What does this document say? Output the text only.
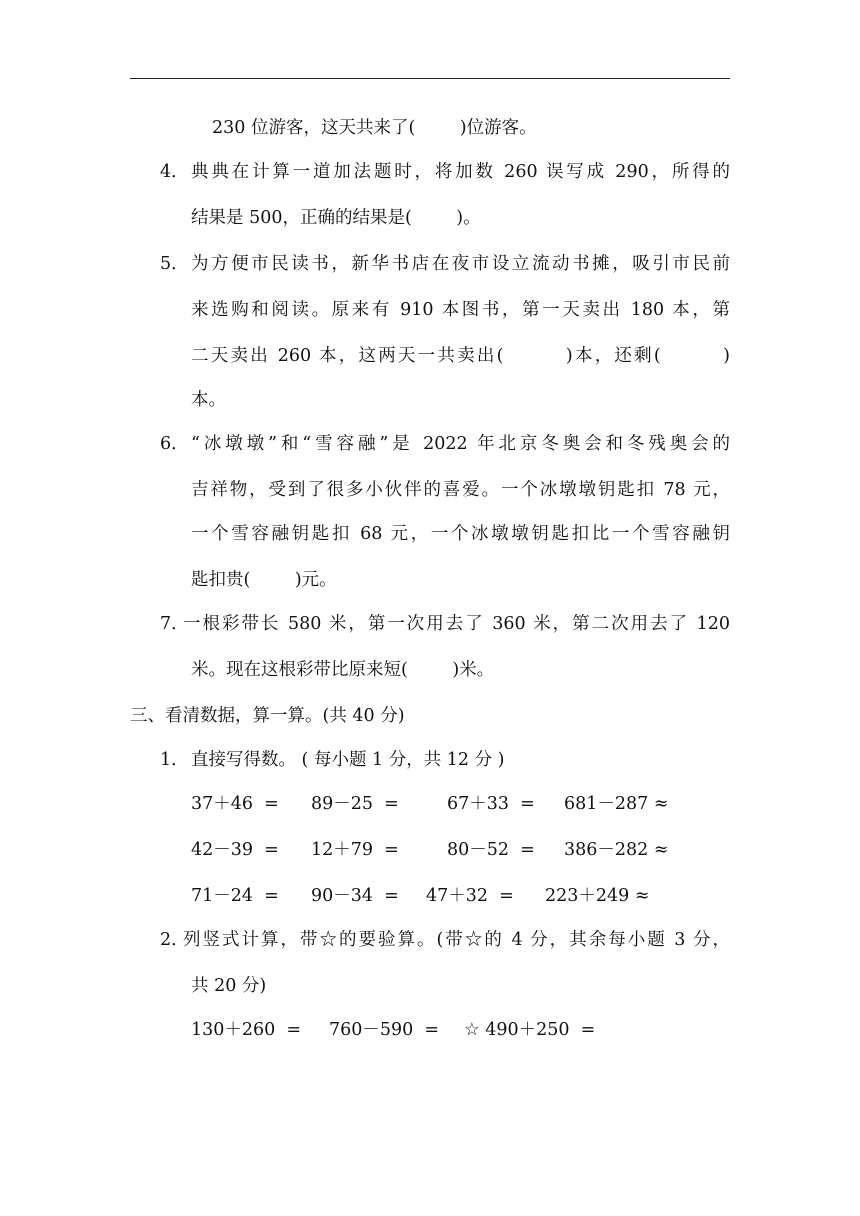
230 位游客，这天共来了(        )位游客。
4． 典典在计算一道加法题时，将加数 260 误写成 290，所得的
结果是 500，正确的结果是(        )。
5． 为方便市民读书，新华书店在夜市设立流动书摊，吸引市民前
来选购和阅读。原来有 910 本图书，第一天卖出 180 本，第
二天卖出 260 本，这两天一共卖出(        )本，还剩(        )
本。
6． “冰墩墩”和“雪容融”是 2022 年北京冬奥会和冬残奥会的
吉祥物，受到了很多小伙伴的喜爱。一个冰墩墩钥匙扣 78 元，
一个雪容融钥匙扣 68 元，一个冰墩墩钥匙扣比一个雪容融钥
匙扣贵(        )元。
7．
一根彩带长 580 米，第一次用去了 360 米，第二次用去了 120
米。现在这根彩带比原来短(        )米。
三、看清数据，算一算。(共 40 分)
1． 直接写得数。 ( 每小题 1 分，共 12 分 )
37＋46  = 89－25  =	67＋33  = 681－287 ≈
42－39  = 12＋79  =	80－52  = 386－282 ≈
71－24  = 90－34  = 47＋32  = 223＋249 ≈
2．
列竖式计算，带☆的要验算。(带☆的 4 分，其余每小题 3 分，
共 20 分)
130＋260  = 760－590  = ☆ 490＋250  =
